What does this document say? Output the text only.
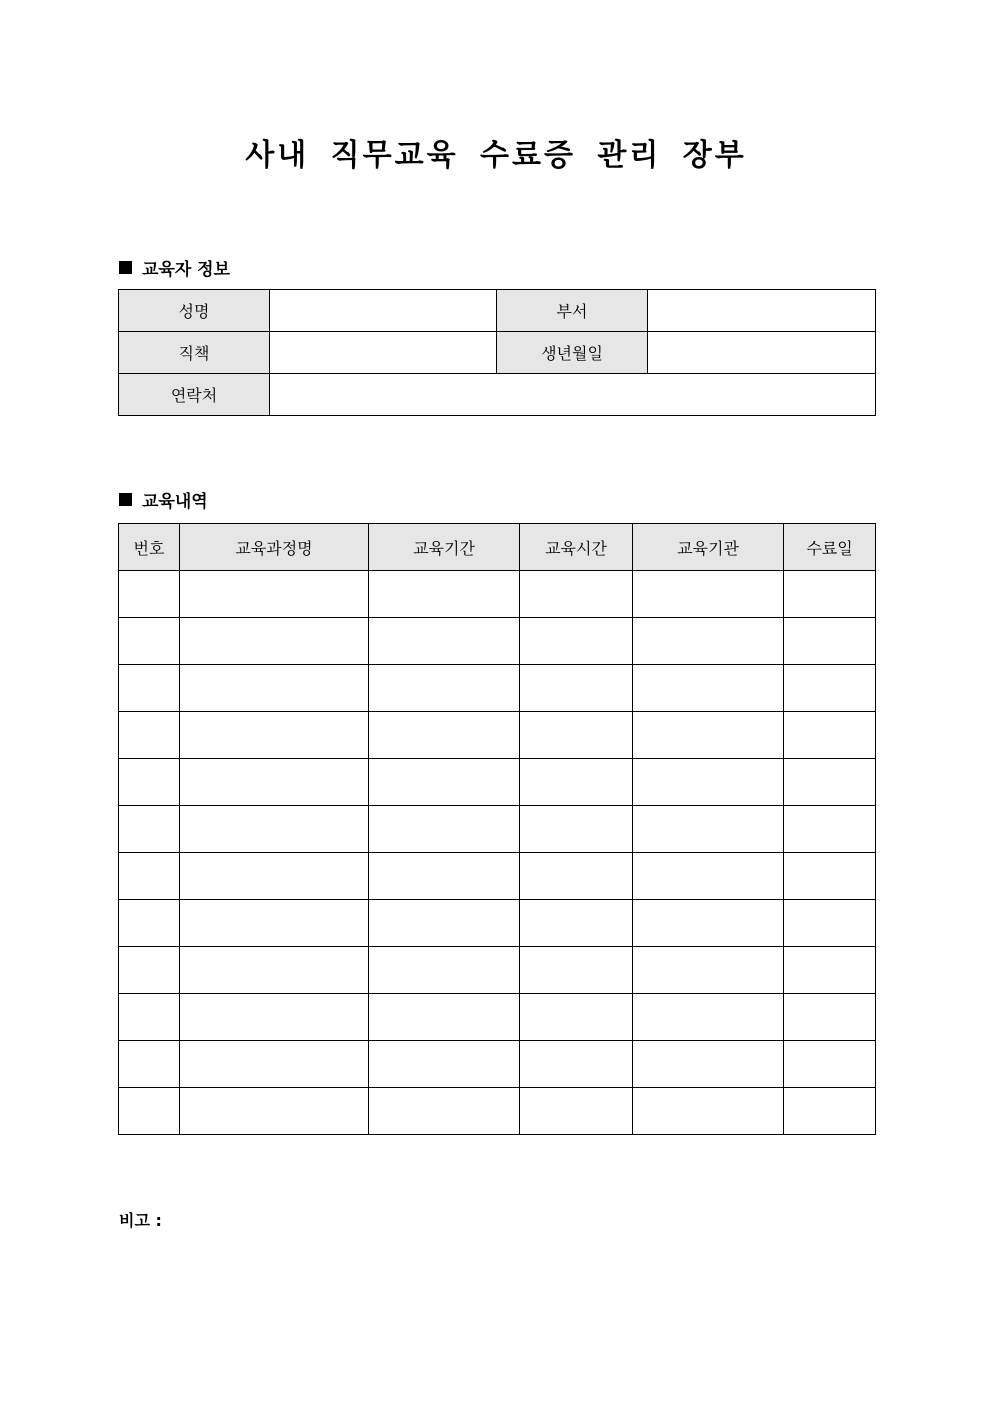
사내 직무교육 수료증 관리 장부
교육자 정보
성명		부서	
직책		생년월일	
연락처			
교육내역
번호	교육과정명	교육기간	교육시간	교육기관	수료일

비고 :
